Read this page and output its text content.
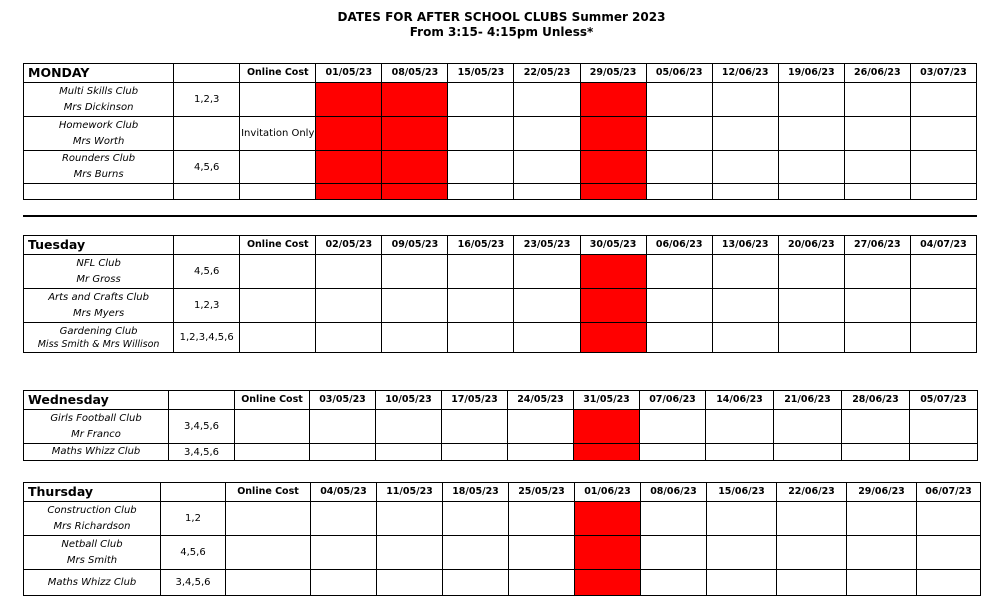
DATES FOR AFTER SCHOOL CLUBS Summer 2023
From 3:15- 4:15pm Unless*
MONDAY		Online Cost	01/05/23	08/05/23	15/05/23	22/05/23	29/05/23	05/06/23	12/06/23	19/06/23	26/06/23	03/07/23

Multi Skills Club
Mrs Dickinson	1,2,3											

Homework Club
Mrs Worth		Invitation Only										

Rounders Club
Mrs Burns	4,5,6											

Tuesday		Online Cost	02/05/23	09/05/23	16/05/23	23/05/23	30/05/23	06/06/23	13/06/23	20/06/23	27/06/23	04/07/23

NFL Club
Mr Gross	4,5,6											

Arts and Crafts Club
Mrs Myers	1,2,3											

Gardening Club
Miss Smith & Mrs Willison	1,2,3,4,5,6											
Wednesday		Online Cost	03/05/23	10/05/23	17/05/23	24/05/23	31/05/23	07/06/23	14/06/23	21/06/23	28/06/23	05/07/23

Girls Football Club
Mr Franco	3,4,5,6											

Maths Whizz Club	3,4,5,6											
Thursday		Online Cost	04/05/23	11/05/23	18/05/23	25/05/23	01/06/23	08/06/23	15/06/23	22/06/23	29/06/23	06/07/23

Construction Club
Mrs Richardson	1,2											

Netball Club
Mrs Smith	4,5,6											

Maths Whizz Club	3,4,5,6											
